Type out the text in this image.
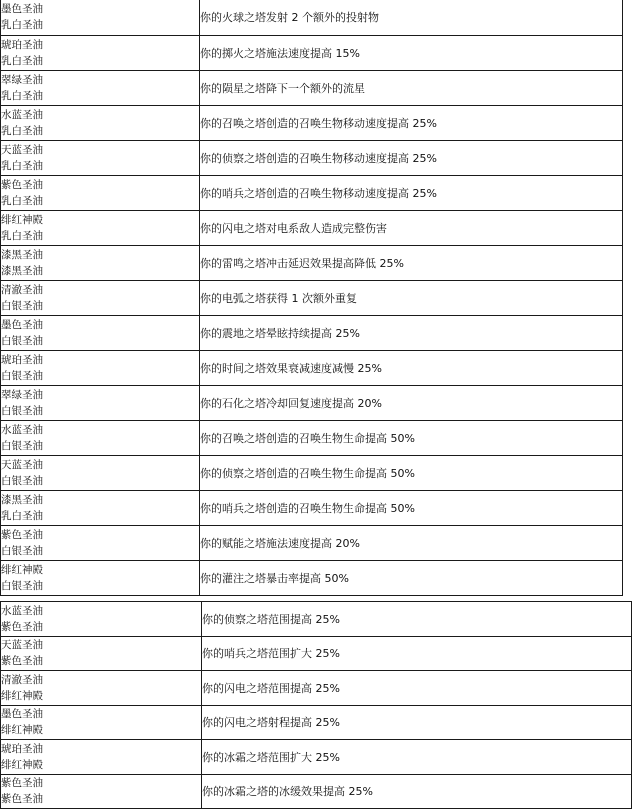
墨色圣油
乳白圣油	你的火球之塔发射 2 个额外的投射物

琥珀圣油
乳白圣油	你的掷火之塔施法速度提高 15%

翠绿圣油
乳白圣油	你的陨星之塔降下一个额外的流星

水蓝圣油
乳白圣油	你的召唤之塔创造的召唤生物移动速度提高 25%

天蓝圣油
乳白圣油	你的侦察之塔创造的召唤生物移动速度提高 25%

紫色圣油
乳白圣油	你的哨兵之塔创造的召唤生物移动速度提高 25%

绯红神殿
乳白圣油	你的闪电之塔对电系敌人造成完整伤害

漆黑圣油
漆黑圣油	你的雷鸣之塔冲击延迟效果提高降低 25%

清澈圣油
白银圣油	你的电弧之塔获得 1 次额外重复

墨色圣油
白银圣油	你的震地之塔晕眩持续提高 25%

琥珀圣油
白银圣油	你的时间之塔效果衰减速度减慢 25%

翠绿圣油
白银圣油	你的石化之塔冷却回复速度提高 20%

水蓝圣油
白银圣油	你的召唤之塔创造的召唤生物生命提高 50%

天蓝圣油
白银圣油	你的侦察之塔创造的召唤生物生命提高 50%

漆黑圣油
乳白圣油	你的哨兵之塔创造的召唤生物生命提高 50%

紫色圣油
白银圣油	你的赋能之塔施法速度提高 20%

绯红神殿
白银圣油	你的灌注之塔暴击率提高 50%
水蓝圣油
紫色圣油	你的侦察之塔范围提高 25%

天蓝圣油
紫色圣油	你的哨兵之塔范围扩大 25%

清澈圣油
绯红神殿	你的闪电之塔范围提高 25%

墨色圣油
绯红神殿	你的闪电之塔射程提高 25%

琥珀圣油
绯红神殿	你的冰霜之塔范围扩大 25%

紫色圣油
紫色圣油	你的冰霜之塔的冰缓效果提高 25%
